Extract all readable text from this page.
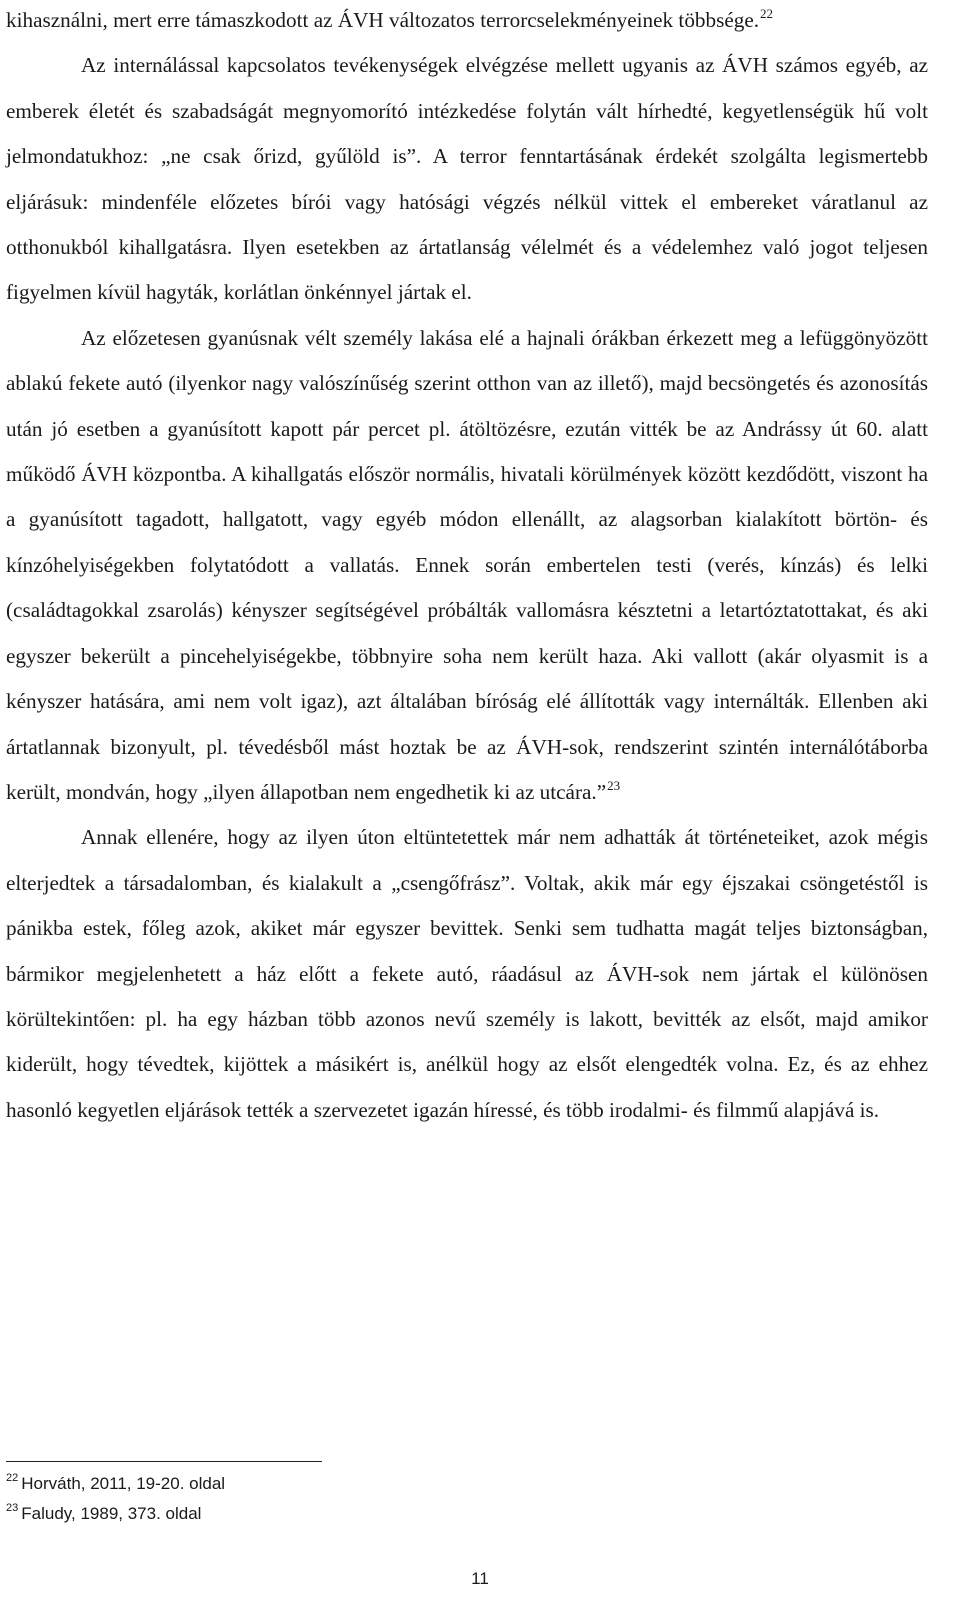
kihasználni, mert erre támaszkodott az ÁVH változatos terrorcselekményeinek többsége.$^{22}$

Az internálással kapcsolatos tevékenységek elvégzése mellett ugyanis az ÁVH számos egyéb, az emberek életét és szabadságát megnyomorító intézkedése folytán vált hírhedté, kegyetlenségük hű volt jelmondatukhoz: „ne csak őrizd, gyűlöld is”. A terror fenntartásának érdekét szolgálta legismertebb eljárásuk: mindenféle előzetes bírói vagy hatósági végzés nélkül vittek el embereket váratlanul az otthonukból kihallgatásra. Ilyen esetekben az ártatlanság vélelmét és a védelemhez való jogot teljesen figyelmen kívül hagyták, korlátlan önkénnyel jártak el.

Az előzetesen gyanúsnak vélt személy lakása elé a hajnali órákban érkezett meg a lefüggönyözött ablakú fekete autó (ilyenkor nagy valószínűség szerint otthon van az illető), majd becsöngetés és azonosítás után jó esetben a gyanúsított kapott pár percet pl. átöltözésre, ezután vitték be az Andrássy út 60. alatt működő ÁVH központba. A kihallgatás először normális, hivatali körülmények között kezdődött, viszont ha a gyanúsított tagadott, hallgatott, vagy egyéb módon ellenállt, az alagsorban kialakított börtön- és kínzóhelyiségekben folytatódott a vallatás. Ennek során embertelen testi (verés, kínzás) és lelki (családtagokkal zsarolás) kényszer segítségével próbálták vallomásra késztetni a letartóztatottakat, és aki egyszer bekerült a pincehelyiségekbe, többnyire soha nem került haza. Aki vallott (akár olyasmit is a kényszer hatására, ami nem volt igaz), azt általában bíróság elé állították vagy internálták. Ellenben aki ártatlannak bizonyult, pl. tévedésből mást hoztak be az ÁVH-sok, rendszerint szintén internálótáborba került, mondván, hogy „ilyen állapotban nem engedhetik ki az utcára.”$^{23}$

Annak ellenére, hogy az ilyen úton eltüntetettek már nem adhatták át történeteiket, azok mégis elterjedtek a társadalomban, és kialakult a „csengőfrász”. Voltak, akik már egy éjszakai csöngetéstől is pánikba estek, főleg azok, akiket már egyszer bevittek. Senki sem tudhatta magát teljes biztonságban, bármikor megjelenhetett a ház előtt a fekete autó, ráadásul az ÁVH-sok nem jártak el különösen körültekintően: pl. ha egy házban több azonos nevű személy is lakott, bevitték az elsőt, majd amikor kiderült, hogy tévedtek, kijöttek a másikért is, anélkül hogy az elsőt elengedték volna. Ez, és az ehhez hasonló kegyetlen eljárások tették a szervezetet igazán híressé, és több irodalmi- és filmmű alapjává is.

$^{22}$ Horváth, 2011, 19-20. oldal
$^{23}$ Faludy, 1989, 373. oldal
11
